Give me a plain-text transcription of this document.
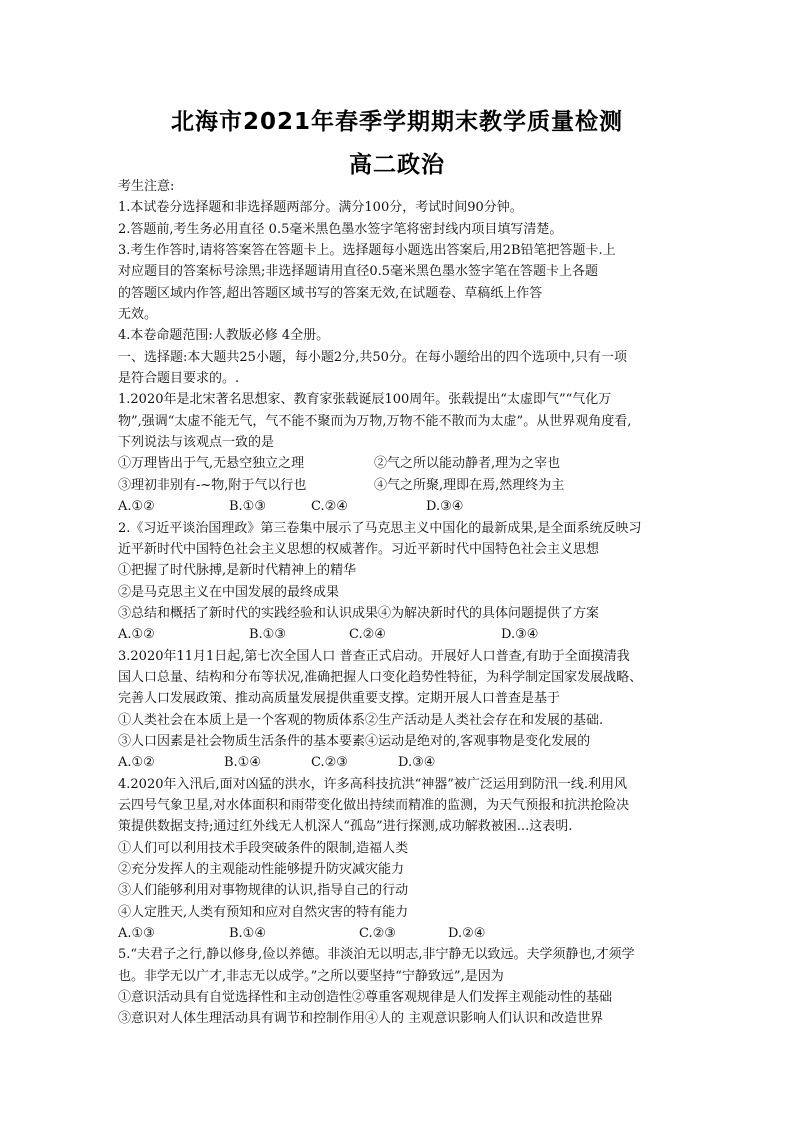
北海市2021年春季学期期末教学质量检测
高二政治
考生注意:
1.本试卷分选择题和非选择题两部分。满分100分，考试时间90分钟。
2.答题前,考生务必用直径 0.5毫米黑色墨水签字笔将密封线内项目填写清楚。
3.考生作答时,请将答案答在答题卡上。选择题每小题选出答案后,用2B铅笔把答题卡.上
对应题目的答案标号涂黑;非选择题请用直径0.5毫米黑色墨水签字笔在答题卡上各题
的答题区域内作答,超出答题区域书写的答案无效,在试题卷、草稿纸上作答
无效。
4.本卷命题范围:人教版必修 4全册。
一、选择题:本大题共25小题，每小题2分,共50分。在每小题给出的四个选项中,只有一项
是符合题目要求的。.
1.2020年是北宋著名思想家、教育家张载诞辰100周年。张载提出“太虚即气”“气化万
物”,强调“太虚不能无气，气不能不聚而为万物,万物不能不散而为太虚”。从世界观角度看,
下列说法与该观点一致的是
①万理皆出于气,无悬空独立之理	②气之所以能动静者,理为之宰也
③理初非别有-~物,附于气以行也	④气之所聚,理即在焉,然理终为主
A.①②	B.①③	C.②④	D.③④
2.《习近平谈治国理政》第三卷集中展示了马克思主义中国化的最新成果,是全面系统反映习
近平新时代中国特色社会主义思想的权威著作。习近平新时代中国特色社会主义思想
①把握了时代脉搏,是新时代精神上的精华
②是马克思主义在中国发展的最终成果
③总结和概括了新时代的实践经验和认识成果④为解决新时代的具体问题提供了方案
A.①②	B.①③	C.②④	D.③④
3.2020年11月1日起,第七次全国人口 普查正式启动。开展好人口普查,有助于全面摸清我
国人口总量、结构和分布等状况,准确把握人口变化趋势性特征，为科学制定国家发展战略、
完善人口发展政策、推动高质量发展提供重要支撑。定期开展人口普查是基于
①人类社会在本质上是一个客观的物质体系②生产活动是人类社会存在和发展的基础.
③人口因素是社会物质生活条件的基本要素④运动是绝对的,客观事物是变化发展的
A.①②	B.①④	C.②③	D.③④
4.2020年入汛后,面对凶猛的洪水，许多高科技抗洪“神器”被广泛运用到防汛一线.利用风
云四号气象卫星,对水体面积和雨带变化做出持续而精准的监测，为天气预报和抗洪抢险决
策提供数据支持;通过红外线无人机深人“孤岛”进行探测,成功解救被困...这表明.
①人们可以利用技术手段突破条件的限制,造福人类
②充分发挥人的主观能动性能够提升防灾减灾能力
③人们能够利用对事物规律的认识,指导自己的行动
④人定胜天,人类有预知和应对自然灾害的特有能力
A.①③	B.①④	C.②③	D.②④
5.“夫君子之行,静以修身,俭以养德。非淡泊无以明志,非宁静无以致远。夫学须静也,才须学
也。非学无以广才,非志无以成学。”之所以要坚持“宁静致远”,是因为
①意识活动具有自觉选择性和主动创造性②尊重客观规律是人们发挥主观能动性的基础
③意识对人体生理活动具有调节和控制作用④人的 主观意识影响人们认识和改造世界
